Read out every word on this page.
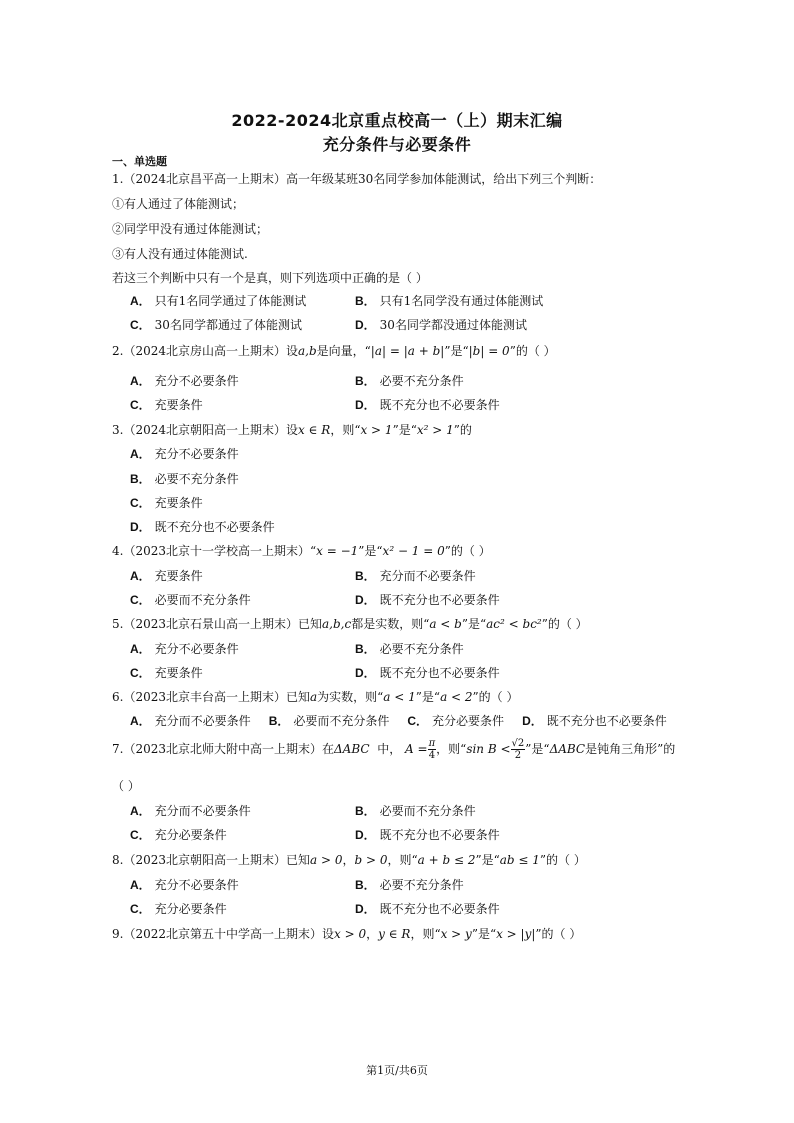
2022-2024北京重点校高一（上）期末汇编
充分条件与必要条件
一、单选题
1.（2024北京昌平高一上期末）高一年级某班30名同学参加体能测试，给出下列三个判断：
①有人通过了体能测试；
②同学甲没有通过体能测试；
③有人没有通过体能测试.
若这三个判断中只有一个是真，则下列选项中正确的是（ ）
A． 只有1名同学通过了体能测试	B． 只有1名同学没有通过体能测试
C． 30名同学都通过了体能测试	D． 30名同学都没通过体能测试
2.（2024北京房山高一上期末）设a,b是向量，“|a| = |a + b|”是“|b| = 0”的（ ）
A． 充分不必要条件	B． 必要不充分条件
C． 充要条件	D． 既不充分也不必要条件
3.（2024北京朝阳高一上期末）设x ∈ R，则“x > 1”是“x² > 1”的
A． 充分不必要条件
B． 必要不充分条件
C． 充要条件
D． 既不充分也不必要条件
4.（2023北京十一学校高一上期末）“x = −1”是“x² − 1 = 0”的（ ）
A． 充要条件	B． 充分而不必要条件
C． 必要而不充分条件	D． 既不充分也不必要条件
5.（2023北京石景山高一上期末）已知a,b,c都是实数，则“a < b”是“ac² < bc²”的（ ）
A． 充分不必要条件	B． 必要不充分条件
C． 充要条件	D． 既不充分也不必要条件
6.（2023北京丰台高一上期末）已知a为实数，则“a < 1”是“a < 2”的（ ）
A． 充分而不必要条件 B． 必要而不充分条件 C． 充分必要条件 D． 既不充分也不必要条件
7.（2023北京北师大附中高一上期末）在ΔABC 中， $A = \frac{\pi}{4}$ ，则“sin $B < \frac{√2}{2}$ ”是“ΔABC是钝角三角形”的
（ ）
A． 充分而不必要条件	B． 必要而不充分条件
C． 充分必要条件	D． 既不充分也不必要条件
8.（2023北京朝阳高一上期末）已知a > 0，b > 0，则“a + b ≤ 2”是“ab ≤ 1”的（ ）
A． 充分不必要条件	B． 必要不充分条件
C． 充分必要条件	D． 既不充分也不必要条件
9.（2022北京第五十中学高一上期末）设x > 0，y ∈ R，则“x > y”是“x > |y|”的（ ）
第1页/共6页
